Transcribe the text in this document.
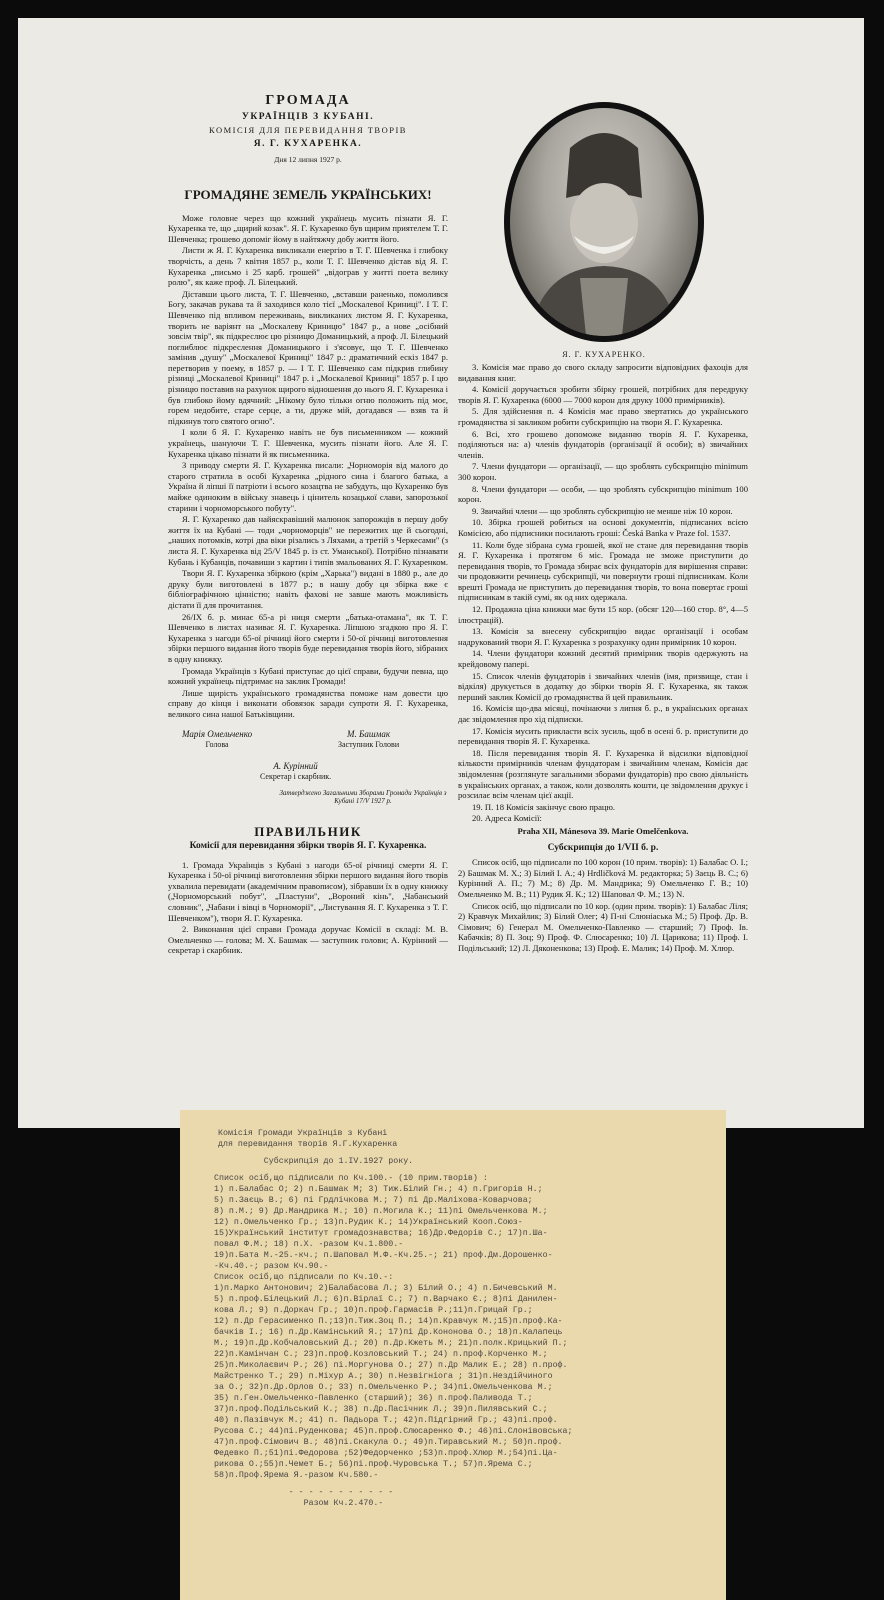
ГРОМАДА
УКРАЇНЦІВ З КУБАНІ.
КОМІСІЯ ДЛЯ ПЕРЕВИДАННЯ ТВОРІВ
Я. Г. КУХАРЕНКА.
Дня 12 липня 1927 р.
ГРОМАДЯНЕ ЗЕМЕЛЬ УКРАЇНСЬКИХ!

Може головне через що кожний українець мусить пізнати Я. Г. Кухаренка те, що „щирий козак". Я. Г. Кухаренко був щирим приятелем Т. Г. Шевченка; грошево допоміг йому в найтяжчу добу життя його.

Листи ж Я. Г. Кухаренка викликали енергію в Т. Г. Шевченка і глибоку творчість, а день 7 квітня 1857 р., коли Т. Г. Шевченко дістав від Я. Г. Кухаренка „письмо і 25 карб. грошей" „відограв у житті поета велику ролю", як каже проф. Л. Білецький.

Діставши цього листа, Т. Г. Шевченко, „вставши раненько, помолився Богу, закачав рукава та й заходився коло тієї „Москалевої Криниці". І Т. Г. Шевченко під впливом переживань, викликаних листом Я. Г. Кухаренка, творить не варіянт на „Москалеву Криницю" 1847 р., а нове „осібний зовсім твір", як підкреслює цю різницю Доманицький, а проф. Л. Білецький поглиблює підкреслення Доманицького і з'ясовує, що Т. Г. Шевченко замінив „душу" „Москалевої Криниці" 1847 р.: драматичний ескіз 1847 р. перетворив у поему, в 1857 р. — І Т. Г. Шевченко сам підкрив глибину різниці „Москалевої Криниці" 1847 р. і „Москалевої Криниці" 1857 р. І цю різницю поставив на рахунок щирого відношення до нього Я. Г. Кухаренка і був глибоко йому вдячний: „Нікому було тільки огню положить під моє, горем недобите, старе серце, а ти, друже мій, догадався — взяв та й підкинув того святого огню".

І коли б Я. Г. Кухаренко навіть не був письменником — кожний українець, шануючи Т. Г. Шевченка, мусить пізнати його. Але Я. Г. Кухаренка цікаво пізнати й як письменника.

З приводу смерти Я. Г. Кухаренка писали: „Чорноморія від малого до старого стратила в особі Кухаренка „рідного сина і благого батька, а Україна й ліпші її патріоти і всього козацтва не забудуть, що Кухаренко був майже одиноким в війську знавець і цінитель козацької слави, запорозької старини і чорноморського побуту".

Я. Г. Кухаренко дав найяскравіший малюнок запорожців в першу добу життя їх на Кубані — тоди „чорноморців" не пережитих ще й сьогодні, „наших потомків, котрі два віки різались з Ляхами, а третій з Черкесами" (з листа Я. Г. Кухаренка від 25/V 1845 р. із ст. Уманської). Потрібно пізнавати Кубань і Кубанців, почавиши з картин і типів змальованих Я. Г. Кухаренком.

Твори Я. Г. Кухаренка збіркою (крім „Харька") видані в 1880 р., але до друку були виготовлені в 1877 р.; в нашу добу ця збірка вже є бібліографічною цінністю; навіть фахові не завше мають можливість дістати її для прочитання.

26/IX б. р. минає 65-а рі ниця смерти „батька-отамана", як Т. Г. Шевченко в листах називає Я. Г. Кухаренка. Ліпшою згадкою про Я. Г. Кухаренка з нагоди 65-ої річниці його смерти і 50-ої річниці виготовлення збірки першого видання його творів буде перевидання творів його, зібраних в одну книжку.

Громада Українців з Кубані приступає до цієї справи, будучи певна, що кожний українець підтримає на заклик Громади!

Лише щирість українського громадянства поможе нам довести цю справу до кінця і виконати обовязок заради супроти Я. Г. Кухаренка, великого сина нашої Батьківщини.

Марія Омельченко
Голова
М. Башмак
Заступник Голови
А. Курінний
Секретар і скарбник.
Затверджено Загальними Зборами Громади Українців з Кубані 17/V 1927 р.
ПРАВИЛЬНИК
Комісії для перевидання збірки творів Я. Г. Кухаренка.

1. Громада Українців з Кубані з нагоди 65-ої річниці смерти Я. Г. Кухаренка і 50-ої річниці виготовлення збірки першого видання його творів ухвалила перевидати (академічним правописом), зібравши їх в одну книжку („Чорноморський побут", „Пластуни", „Вороний кінь", „Чабанський словник", „Чабани і вівці в Чорноморії", „Листування Я. Г. Кухаренка з Т. Г. Шевченком"), твори Я. Г. Кухаренка.

2. Виконання цієї справи Громада доручає Комісії в складі: М. В. Омельченко — голова; М. Х. Башмак — заступник голови; А. Курінний — секретар і скарбник.

Я. Г. КУХАРЕНКО.

3. Комісія має право до свого складу запросити відповідних фахоців для видавання книг.

4. Комісії доручається зробити збірку грошей, потрібних для передруку творів Я. Г. Кухаренка (6000 — 7000 корон для друку 1000 примірників).

5. Для здійснення п. 4 Комісія має право звертатись до українського громадянства зі закликом робити субскрипцію на твори Я. Г. Кухаренка.

6. Всі, хто грошево допоможе виданню творів Я. Г. Кухаренка, поділяються на: а) членів фундаторів (організації й особи); в) звичайних членів.

7. Члени фундатори — організації, — що зроблять субскрипцію minimum 300 корон.

8. Члени фундатори — особи, — що зроблять субскрипцію minimum 100 корон.

9. Звичайні члени — що зроблять субскрипцію не менше ніж 10 корон.

10. Збірка грошей робиться на основі документів, підписаних всією Комісією, або підписники посилають гроші: Česká Banka v Praze fol. 1537.

11. Коли буде зібрана сума грошей, якої не стане для перевидання творів Я. Г. Кухаренка і протягом 6 міс. Громада не зможе приступити до перевидання творів, то Громада збирає всіх фундаторів для вирішення справи: чи продовжити речинець субскрипції, чи повернути гроші підписникам. Коли врешті Громада не приступить до перевидання творів, то вона повертає гроші підписникам в такій сумі, як од них одержала.

12. Продажна ціна книжки має бути 15 кор. (обсяг 120—160 стор. 8°, 4—5 ілюстрацій).

13. Комісія за внесену субскрипцію видає організації і особам надрукований твори Я. Г. Кухаренка з розрахунку один примірник 10 корон.

14. Члени фундатори кожний десятий примірник творів одержують на крейдовому папері.

15. Список членів фундаторів і звичайних членів (імя, призвище, стан і відкіля) друкується в додатку до збірки творів Я. Г. Кухаренка, як також перший заклик Комісії до громадянства й цей правильник.

16. Комісія що-два місяці, почінаючи з липня б. р., в українських органах дає звідомлення про хід підписки.

17. Комісія мусить прикласти всіх зусиль, щоб в осені б. р. приступити до перевидання творів Я. Г. Кухаренка.

18. Після перевидання творів Я. Г. Кухаренка й відсилки відповідної кількости примірників членам фундаторам і звичайним членам, Комісія дає звідомлення (розглянуте загальними зборами фундаторів) про свою діяльність в українських органах, а також, коли дозволять кошти, це звідомлення друкує і розсилає всім членам цієї акції.

19. П. 18 Комісія закінчує свою працю.

20. Адреса Комісії:

Praha XII, Mánesova 39. Marie Omelčenkova.
Субскрипція до 1/VII б. р.

Список осіб, що підписали по 100 корон (10 прим. творів): 1) Балабас О. І.; 2) Башмак М. Х.; 3) Білий І. А.; 4) Hrdličková M. редакторка; 5) Заєць В. С.; 6) Курінний А. П.; 7) М.; 8) Др. М. Мандрика; 9) Омельченко Г. В.; 10) Омельченко М. В.; 11) Рудик Я. К.; 12) Шаповал Ф. М.; 13) N.

Список осіб, що підписали по 10 кор. (один прим. творів): 1) Балабас Ліля; 2) Кравчук Михайлик; 3) Білий Олег; 4) П-ні Слюніаська М.; 5) Проф. Др. В. Сімович; 6) Генерал М. Омельченко-Павленко — старший; 7) Проф. Ів. Кабачків; 8) П. Зоц; 9) Проф. Ф. Слюсаренко; 10) Л. Царикова; 11) Проф. І. Подільський; 12) Л. Дяконенкова; 13) Проф. Е. Малик; 14) Проф. М. Хлюр.

Комісія Громади Українців з Кубані
для перевидання творів Я.Г.Кухаренка
Субскрипція до 1.IV.1927 року.
Список осіб,що підписали по Кч.100.- (10 прим.творів) :
1) п.Балабас О; 2) п.Башмак М; 3) Тиж.Білий Гн.; 4) п.Григорів Н.;
5) п.Заєць В.; 6) пі Грдлічкова М.; 7) пі Др.Маліхова-Коварчова;
8) п.М.; 9) Др.Мандрика М.; 10) п.Могила К.; 11)пі Омельченкова М.;
12) п.Омельченко Гр.; 13)п.Рудик К.; 14)Український Кооп.Союз-
15)Український інститут громадознавства; 16)Др.Федорів С.; 17)п.Ша-
повал Ф.М.; 18) п.Х. -разом Кч.1.800.-
19)п.Бата М.-25.-кч.; п.Шаповал М.Ф.-Кч.25.-; 21) проф.Дм.Дорошенко-
-Кч.40.-; разом Кч.90.-
Список осіб,що підписали по Кч.10.-:
1)п.Марко Антонович; 2)Балабасова Л.; 3) Білий О.; 4) п.Бичевський М.
5) п.проф.Білецький Л.; 6)п.Вірлаї С.; 7) п.Варчако Є.; 8)пі Данилен-
кова Л.; 9) п.Доркач Гр.; 10)п.проф.Гармасів Р.;11)п.Грицай Гр.;
12) п.Др Герасименко П.;13)п.Тиж.Зоц П.; 14)п.Кравчук М.;15)п.проф.Ка-
бачків І.; 16) п.Др.Камінський Я.; 17)пі Др.Кононова О.; 18)п.Калапець
М.; 19)п.Др.Кобчаловський Д.; 20) п.Др.Кжеть М.; 21)п.полк.Крицький П.;
22)п.Камінчан С.; 23)п.проф.Козловський Т.; 24) п.проф.Корченко М.;
25)п.Миколаєвич Р.; 26) пі.Моргунова О.; 27) п.Др Малик Е.; 28) п.проф.
Майстренко Т.; 29) п.Міхур А.; 30) п.Незвігніога ; 31)п.Нездійчиного
за О.; 32)п.Др.Орлов О.; 33) п.Омельченко Р.; 34)пі.Омельченкова М.;
35) п.Ген.Омельченко-Павленко (старший); 36) п.проф.Паливода Т.;
37)п.проф.Подільський К.; 38) п.Др.Пасічник Л.; 39)п.Пилявський С.;
40) п.Пазівчук М.; 41) п. Падьора Т.; 42)п.Підгірний Гр.; 43)пі.проф.
Русова С.; 44)пі.Руденкова; 45)п.проф.Слюсаренко Ф.; 46)пі.Слонівовська;
47)п.проф.Сімович В.; 48)пі.Скакула О.; 49)п.Тиравський М.; 50)п.проф.
Федевко П.;51)пі.Федорова ;52)Федорченко ;53)п.проф.Хлюр М.;54)пі.Ца-
рикова О.;55)п.Чемет Б.; 56)пі.проф.Чуровська Т.; 57)п.Ярема С.;
58)п.Проф.Ярема Я.-разом Кч.580.-
- - - - - - - - - - -
Разом Кч.2.470.-
